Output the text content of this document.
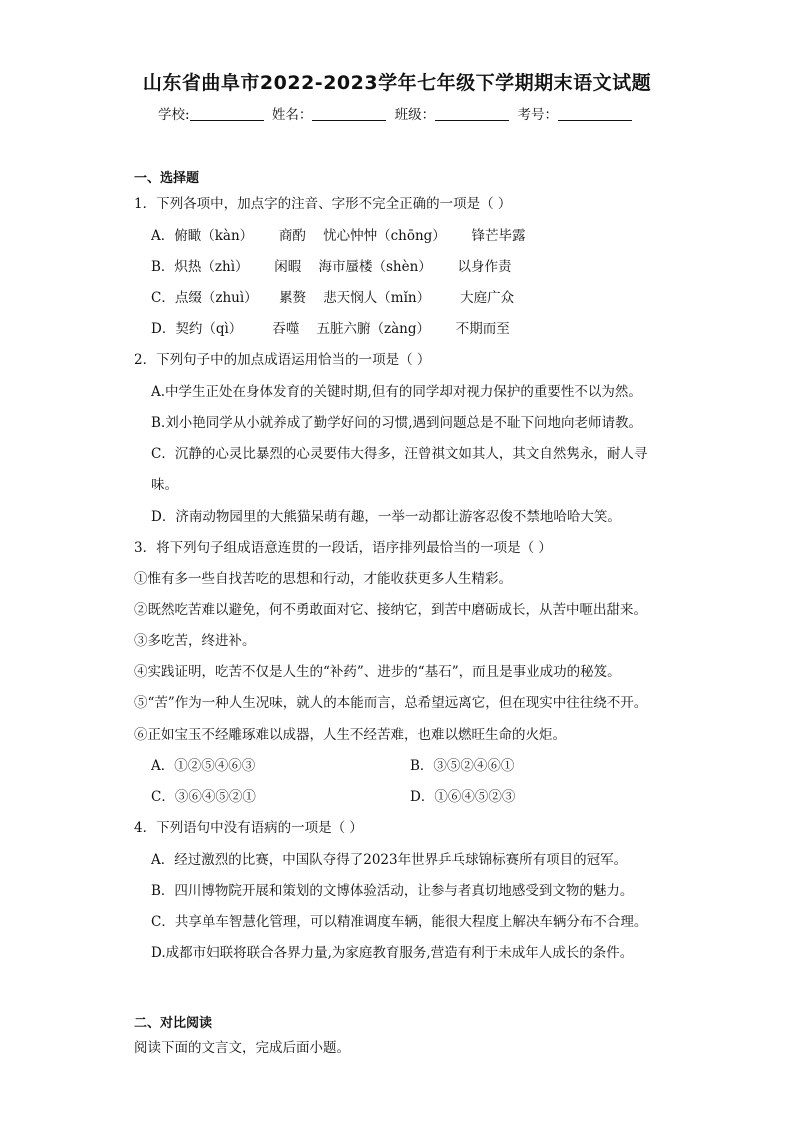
山东省曲阜市2022-2023学年七年级下学期期末语文试题
学校:	姓名：	班级：	考号：
一、选择题
1．下列各项中，加点字的注音、字形不完全正确的一项是（ ）
A．俯瞰（kàn）      商酌    忧心忡忡（chōng）      锋芒毕露
B．炽热（zhì）      闲暇    海市蜃楼（shèn）      以身作责
C．点缀（zhuì）     累赘    悲天悯人（mǐn）       大庭广众
D．契约（qì）       吞噬    五脏六腑（zàng）      不期而至
2．下列句子中的加点成语运用恰当的一项是（ ）
A.中学生正处在身体发育的关键时期,但有的同学却对视力保护的重要性不以为然。
B.刘小艳同学从小就养成了勤学好问的习惯,遇到问题总是不耻下问地向老师请教。
C．沉静的心灵比暴烈的心灵要伟大得多，汪曾祺文如其人，其文自然隽永，耐人寻
味。
D．济南动物园里的大熊猫呆萌有趣，一举一动都让游客忍俊不禁地哈哈大笑。
3．将下列句子组成语意连贯的一段话，语序排列最恰当的一项是（ ）
①惟有多一些自找苦吃的思想和行动，才能收获更多人生精彩。
②既然吃苦难以避免，何不勇敢面对它、接纳它，到苦中磨砺成长，从苦中咂出甜来。
③多吃苦，终进补。
④实践证明，吃苦不仅是人生的“补药”、进步的“基石”，而且是事业成功的秘笈。
⑤“苦”作为一种人生况味，就人的本能而言，总希望远离它，但在现实中往往绕不开。
⑥正如宝玉不经雕琢难以成器，人生不经苦难，也难以燃旺生命的火炬。
A．①②⑤④⑥③	B．③⑤②④⑥①
C．③⑥④⑤②①	D．①⑥④⑤②③
4．下列语句中没有语病的一项是（ ）
A．经过激烈的比赛，中国队夺得了2023年世界乒乓球锦标赛所有项目的冠军。
B．四川博物院开展和策划的文博体验活动，让参与者真切地感受到文物的魅力。
C．共享单车智慧化管理，可以精准调度车辆，能很大程度上解决车辆分布不合理。
D.成都市妇联将联合各界力量,为家庭教育服务,营造有利于未成年人成长的条件。
二、对比阅读
阅读下面的文言文，完成后面小题。
